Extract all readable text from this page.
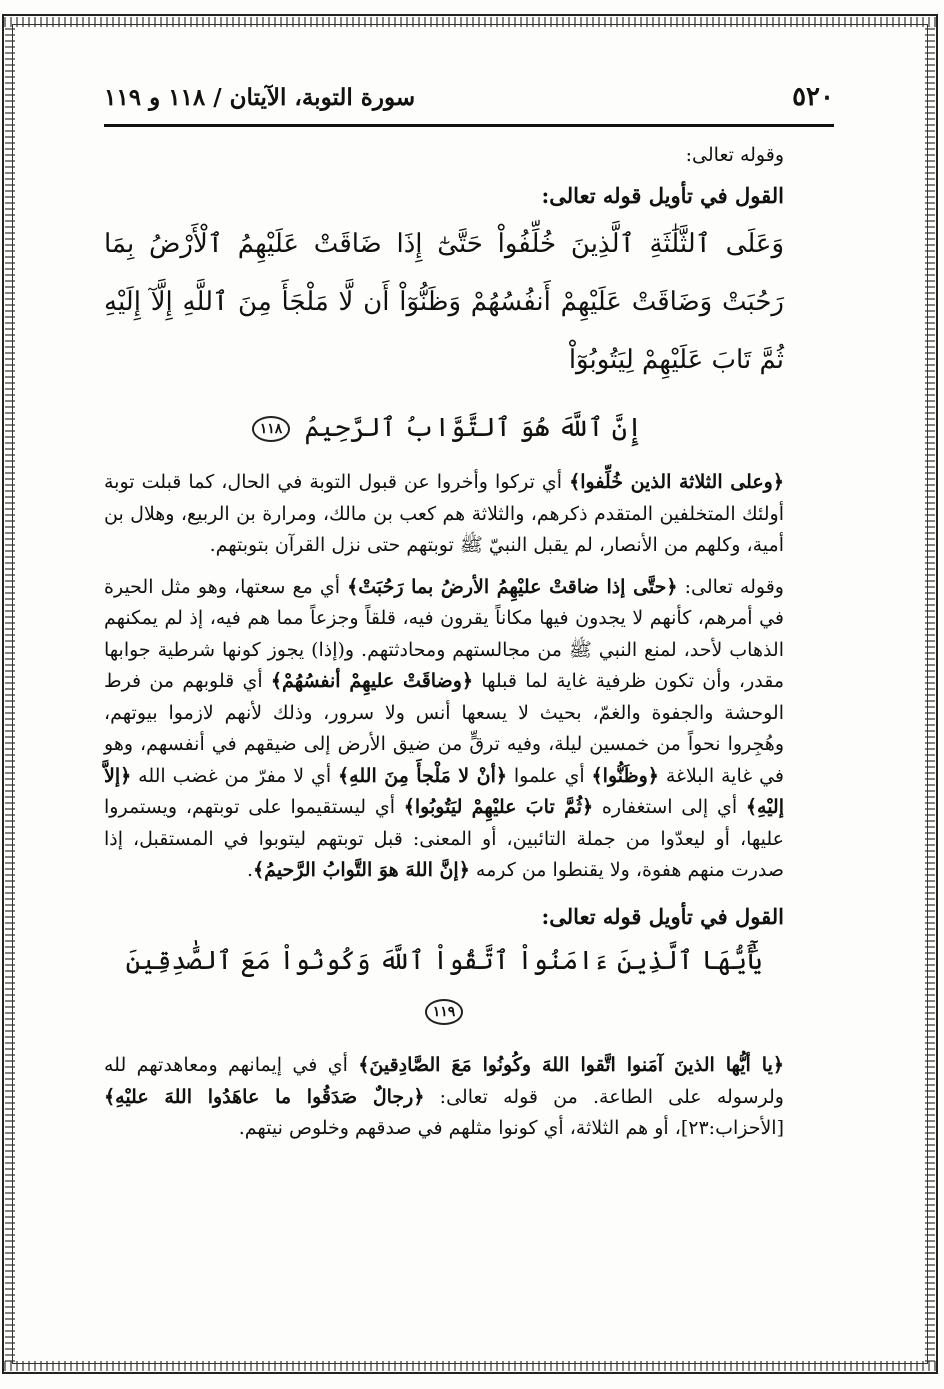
٥٢٠
سورة التوبة، الآيتان / ١١٨ و ١١٩

وقوله تعالى:

القول في تأويل قوله تعالى:

وَعَلَى ٱلثَّلَٰثَةِ ٱلَّذِينَ خُلِّفُواْ حَتَّىٰٓ إِذَا ضَاقَتْ عَلَيْهِمُ ٱلْأَرْضُ بِمَا رَحُبَتْ وَضَاقَتْ عَلَيْهِمْ أَنفُسُهُمْ وَظَنُّوٓاْ أَن لَّا مَلْجَأَ مِنَ ٱللَّهِ إِلَّآ إِلَيْهِ ثُمَّ تَابَ عَلَيْهِمْ لِيَتُوبُوٓاْ

إِنَّ ٱللَّهَ هُوَ ٱلتَّوَّابُ ٱلرَّحِيمُ ١١٨

﴿وعلى الثلاثة الذين خُلِّفوا﴾ أي تركوا وأخروا عن قبول التوبة في الحال، كما قبلت توبة أولئك المتخلفين المتقدم ذكرهم، والثلاثة هم كعب بن مالك، ومرارة بن الربيع، وهلال بن أمية، وكلهم من الأنصار، لم يقبل النبيّ ﷺ توبتهم حتى نزل القرآن بتوبتهم.

وقوله تعالى: ﴿حتَّى إذا ضاقتْ عليْهِمُ الأرضُ بما رَحُبَتْ﴾ أي مع سعتها، وهو مثل الحيرة في أمرهم، كأنهم لا يجدون فيها مكاناً يقرون فيه، قلقاً وجزعاً مما هم فيه، إذ لم يمكنهم الذهاب لأحد، لمنع النبي ﷺ من مجالستهم ومحادثتهم. و(إذا) يجوز كونها شرطية جوابها مقدر، وأن تكون ظرفية غاية لما قبلها ﴿وضاقَتْ عليهِمْ أنفسُهُمْ﴾ أي قلوبهم من فرط الوحشة والجفوة والغمّ، بحيث لا يسعها أنس ولا سرور، وذلك لأنهم لازموا بيوتهم، وهُجِروا نحواً من خمسين ليلة، وفيه ترقٍّ من ضيق الأرض إلى ضيقهم في أنفسهم، وهو في غاية البلاغة ﴿وظَنُّوا﴾ أي علموا ﴿أنْ لا مَلْجأَ مِنَ اللهِ﴾ أي لا مفرّ من غضب الله ﴿إلاَّ إليْهِ﴾ أي إلى استغفاره ﴿ثُمَّ تابَ عليْهِمْ ليَتُوبُوا﴾ أي ليستقيموا على توبتهم، ويستمروا عليها، أو ليعدّوا من جملة التائبين، أو المعنى: قبل توبتهم ليتوبوا في المستقبل، إذا صدرت منهم هفوة، ولا يقنطوا من كرمه ﴿إنَّ اللهَ هوَ التَّوابُ الرَّحيمُ﴾.

القول في تأويل قوله تعالى:

يَٰٓأَيُّهَا ٱلَّذِينَ ءَامَنُواْ ٱتَّقُواْ ٱللَّهَ وَكُونُواْ مَعَ ٱلصَّٰدِقِينَ ١١٩

﴿يا أيُّها الذينَ آمَنوا اتَّقوا اللهَ وكُونُوا مَعَ الصَّادِقينَ﴾ أي في إيمانهم ومعاهدتهم لله ولرسوله على الطاعة. من قوله تعالى: ﴿رجالٌ صَدَقُوا ما عاهَدُوا اللهَ عليْهِ﴾ [الأحزاب:٢٣]، أو هم الثلاثة، أي كونوا مثلهم في صدقهم وخلوص نيتهم.
